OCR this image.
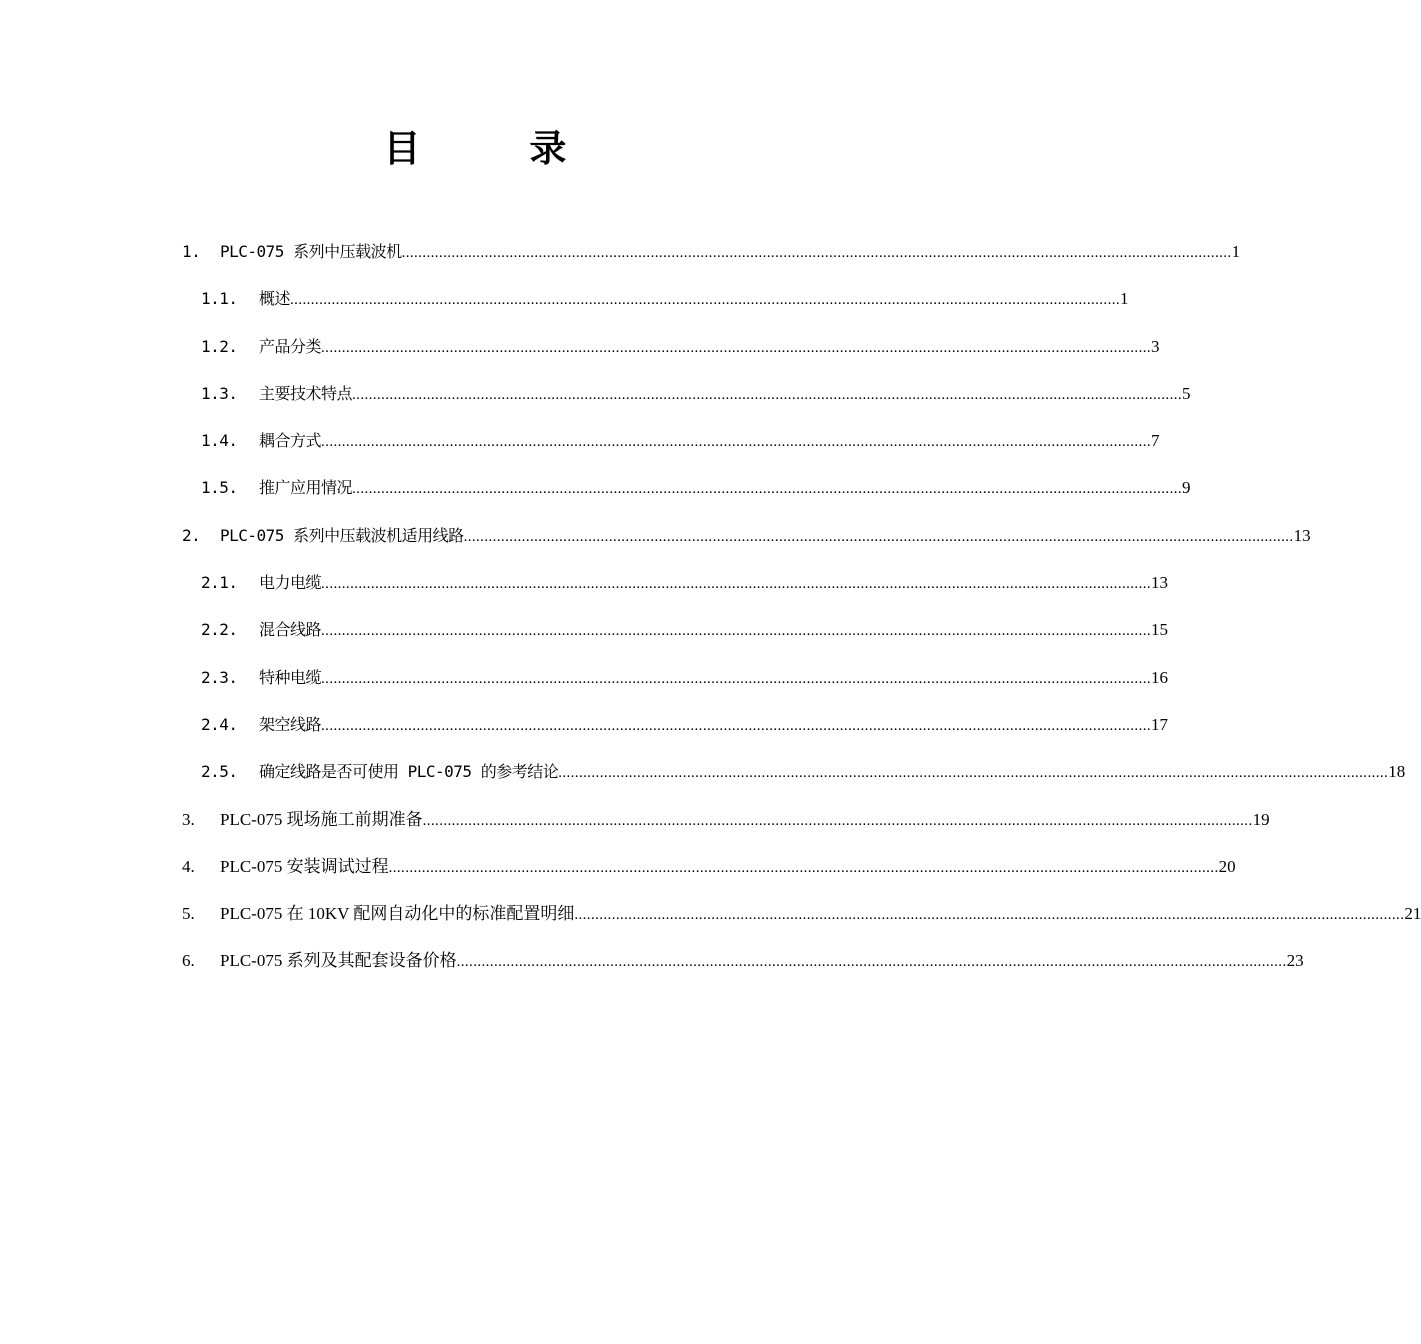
目 录
1. PLC-075 系列中压载波机 ........................................................................................................................................................................................................ 1
1.1. 概述 ........................................................................................................................................................................................................ 1
1.2. 产品分类 ........................................................................................................................................................................................................ 3
1.3. 主要技术特点 ........................................................................................................................................................................................................ 5
1.4. 耦合方式 ........................................................................................................................................................................................................ 7
1.5. 推广应用情况 ........................................................................................................................................................................................................ 9
2. PLC-075 系列中压载波机适用线路 ........................................................................................................................................................................................................ 13
2.1. 电力电缆 ........................................................................................................................................................................................................ 13
2.2. 混合线路 ........................................................................................................................................................................................................ 15
2.3. 特种电缆 ........................................................................................................................................................................................................ 16
2.4. 架空线路 ........................................................................................................................................................................................................ 17
2.5. 确定线路是否可使用 PLC-075 的参考结论 ........................................................................................................................................................................................................ 18
3. PLC-075 现场施工前期准备 ........................................................................................................................................................................................................ 19
4. PLC-075 安装调试过程 ........................................................................................................................................................................................................ 20
5. PLC-075 在 10KV 配网自动化中的标准配置明细 ........................................................................................................................................................................................................ 21
6. PLC-075 系列及其配套设备价格 ........................................................................................................................................................................................................ 23
